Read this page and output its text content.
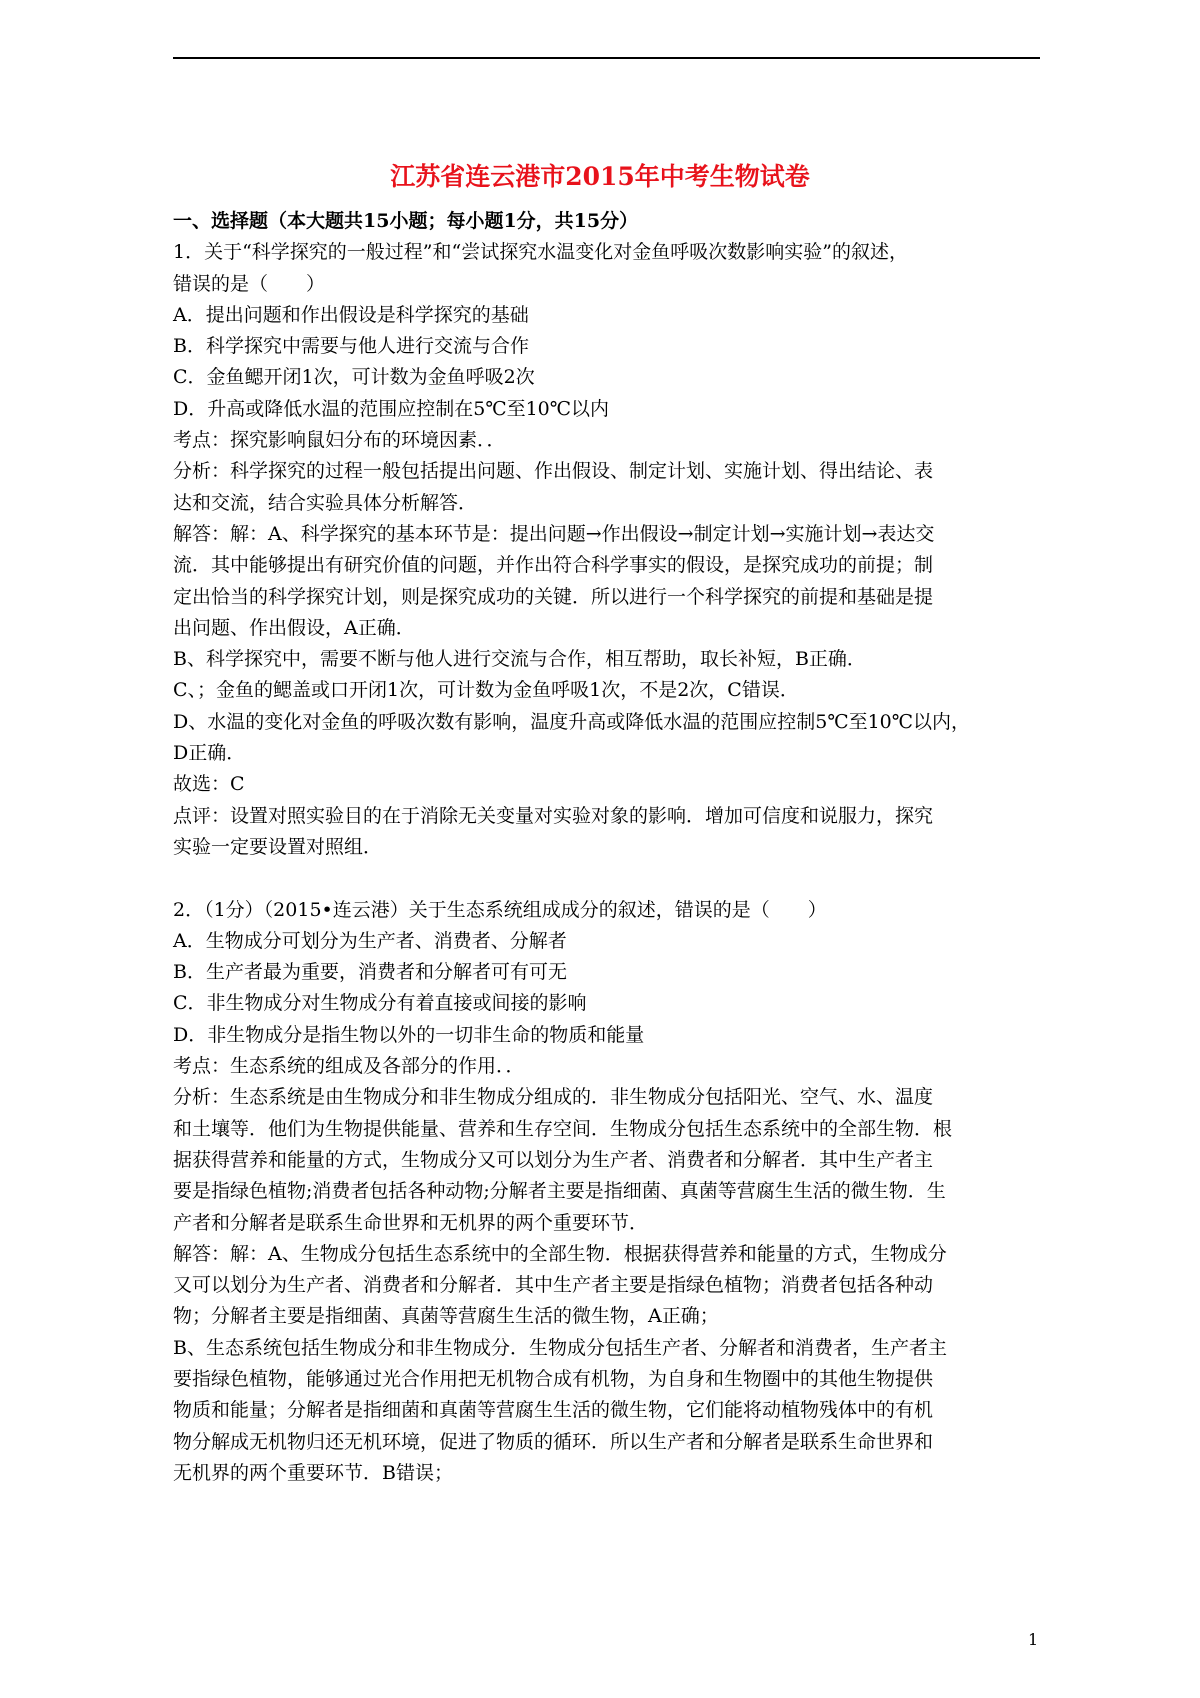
江苏省连云港市2015年中考生物试卷
一、选择题（本大题共15小题；每小题1分，共15分）
1．关于“科学探究的一般过程”和“尝试探究水温变化对金鱼呼吸次数影响实验”的叙述，
错误的是（　　）
A．提出问题和作出假设是科学探究的基础
B．科学探究中需要与他人进行交流与合作
C．金鱼鳃开闭1次，可计数为金鱼呼吸2次
D．升高或降低水温的范围应控制在5℃至10℃以内
考点：探究影响鼠妇分布的环境因素．．
分析：科学探究的过程一般包括提出问题、作出假设、制定计划、实施计划、得出结论、表
达和交流，结合实验具体分析解答．
解答：解：A、科学探究的基本环节是：提出问题→作出假设→制定计划→实施计划→表达交
流．其中能够提出有研究价值的问题，并作出符合科学事实的假设，是探究成功的前提；制
定出恰当的科学探究计划，则是探究成功的关键．所以进行一个科学探究的前提和基础是提
出问题、作出假设，A正确．
B、科学探究中，需要不断与他人进行交流与合作，相互帮助，取长补短，B正确．
C、；金鱼的鳃盖或口开闭1次，可计数为金鱼呼吸1次，不是2次，C错误．
D、水温的变化对金鱼的呼吸次数有影响，温度升高或降低水温的范围应控制5℃至10℃以内，
D正确．
故选：C
点评：设置对照实验目的在于消除无关变量对实验对象的影响．增加可信度和说服力，探究
实验一定要设置对照组．
2．（1分）（2015•连云港）关于生态系统组成成分的叙述，错误的是（　　）
A．生物成分可划分为生产者、消费者、分解者
B．生产者最为重要，消费者和分解者可有可无
C．非生物成分对生物成分有着直接或间接的影响
D．非生物成分是指生物以外的一切非生命的物质和能量
考点：生态系统的组成及各部分的作用．．
分析：生态系统是由生物成分和非生物成分组成的．非生物成分包括阳光、空气、水、温度
和土壤等．他们为生物提供能量、营养和生存空间．生物成分包括生态系统中的全部生物．根
据获得营养和能量的方式，生物成分又可以划分为生产者、消费者和分解者．其中生产者主
要是指绿色植物;消费者包括各种动物;分解者主要是指细菌、真菌等营腐生生活的微生物．生
产者和分解者是联系生命世界和无机界的两个重要环节．
解答：解：A、生物成分包括生态系统中的全部生物．根据获得营养和能量的方式，生物成分
又可以划分为生产者、消费者和分解者．其中生产者主要是指绿色植物；消费者包括各种动
物；分解者主要是指细菌、真菌等营腐生生活的微生物，A正确；
B、生态系统包括生物成分和非生物成分．生物成分包括生产者、分解者和消费者，生产者主
要指绿色植物，能够通过光合作用把无机物合成有机物，为自身和生物圈中的其他生物提供
物质和能量；分解者是指细菌和真菌等营腐生生活的微生物，它们能将动植物残体中的有机
物分解成无机物归还无机环境，促进了物质的循环．所以生产者和分解者是联系生命世界和
无机界的两个重要环节．B错误；
1
